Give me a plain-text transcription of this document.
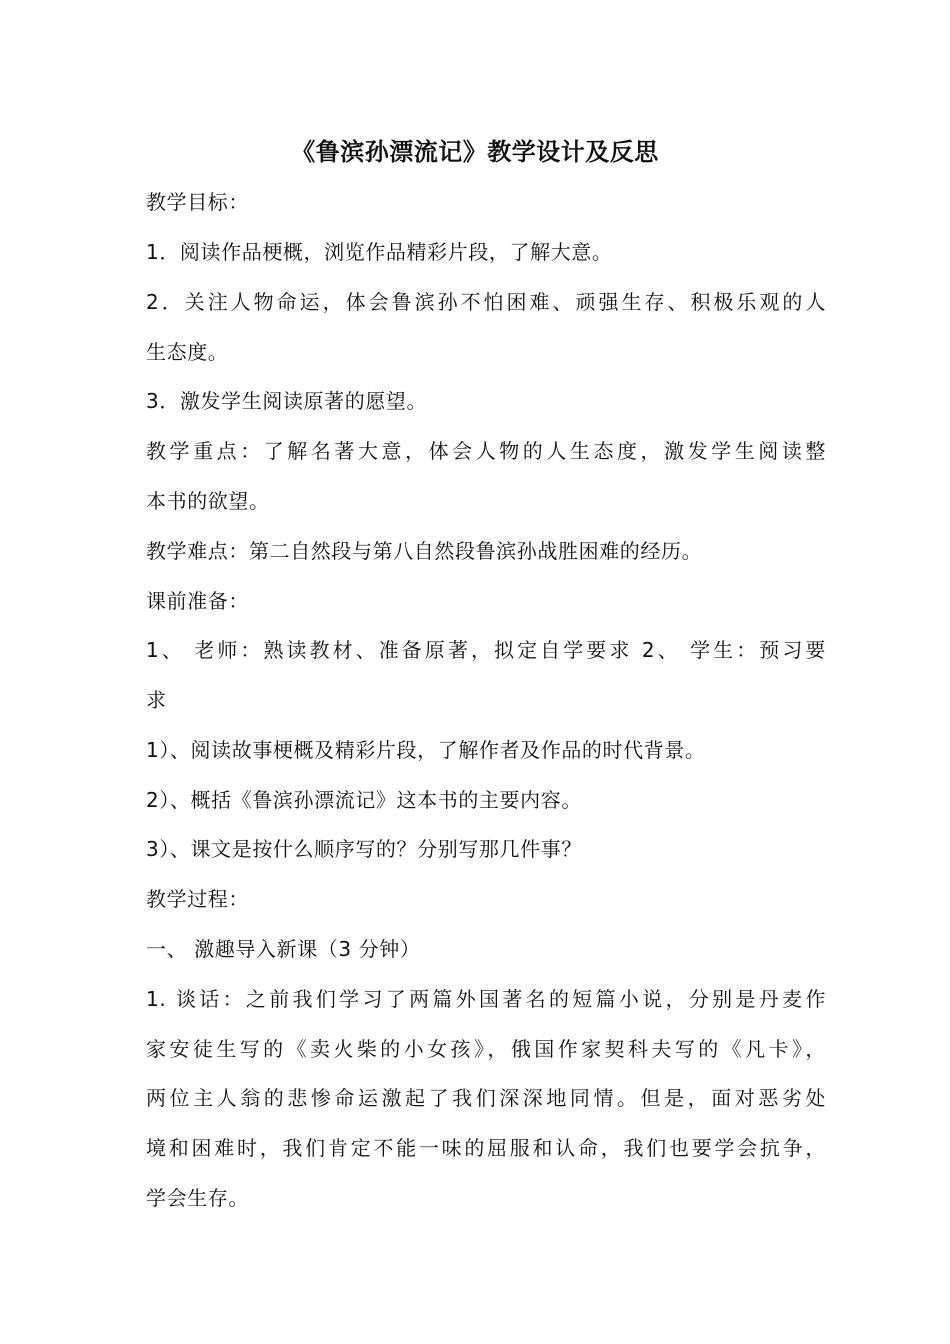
《鲁滨孙漂流记》教学设计及反思
教学目标：
1．阅读作品梗概，浏览作品精彩片段，了解大意。
2．关注人物命运，体会鲁滨孙不怕困难、顽强生存、积极乐观的人
生态度。
3．激发学生阅读原著的愿望。
教学重点：了解名著大意，体会人物的人生态度，激发学生阅读整
本书的欲望。
教学难点：第二自然段与第八自然段鲁滨孙战胜困难的经历。
课前准备：
1、 老师：熟读教材、准备原著，拟定自学要求 2、 学生：预习要
求
1）、阅读故事梗概及精彩片段，了解作者及作品的时代背景。
2）、概括《鲁滨孙漂流记》这本书的主要内容。
3）、课文是按什么顺序写的？分别写那几件事？
教学过程：
一、 激趣导入新课（3 分钟）
1. 谈话：之前我们学习了两篇外国著名的短篇小说，分别是丹麦作
家安徒生写的《卖火柴的小女孩》，俄国作家契科夫写的《凡卡》，
两位主人翁的悲惨命运激起了我们深深地同情。但是，面对恶劣处
境和困难时，我们肯定不能一味的屈服和认命，我们也要学会抗争，
学会生存。
